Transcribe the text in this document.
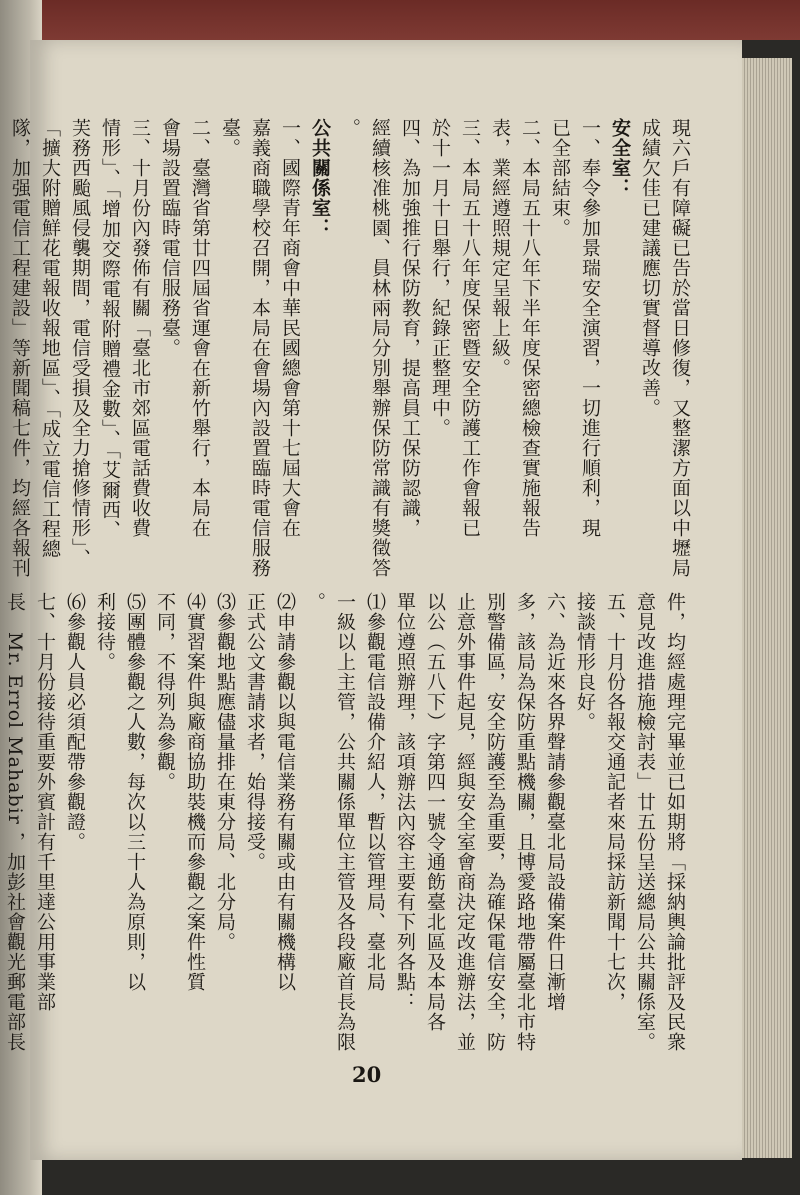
現六戶有障礙已告於當日修復，又整潔方面以中壢局
成績欠佳已建議應切實督導改善。
安全室：
一、奉令參加景瑞安全演習，一切進行順利，現
已全部結束。
二、本局五十八年下半年度保密總檢查實施報告
表，業經遵照規定呈報上級。
三、本局五十八年度保密暨安全防護工作會報已
於十一月十日舉行，紀錄正整理中。
四、為加強推行保防教育，提高員工保防認識，
經續核准桃園、員林兩局分別舉辦保防常識有獎徵答
。
公共關係室：
一、國際青年商會中華民國總會第十七屆大會在
嘉義商職學校召開，本局在會場內設置臨時電信服務
臺。
二、臺灣省第廿四屆省運會在新竹舉行，本局在
會場設置臨時電信服務臺。
三、十月份內發佈有關「臺北市郊區電話費收費
情形」、「增加交際電報附贈禮金數」、「艾爾西、
芙務西颱風侵襲期間，電信受損及全力搶修情形」、
「擴大附贈鮮花電報收報地區」、「成立電信工程總
隊，加强電信工程建設」等新聞稿七件，均經各報刊
件，均經處理完畢並已如期將「採納輿論批評及民衆
意見改進措施檢討表」廿五份呈送總局公共關係室。
五、十月份各報交通記者來局採訪新聞十七次，
接談情形良好。
六、為近來各界聲請參觀臺北局設備案件日漸增
多，該局為保防重點機關，且博愛路地帶屬臺北市特
別警備區，安全防護至為重要，為確保電信安全，防
止意外事件起見，經與安全室會商決定改進辦法，並
以公（五八下）字第四一號令通飭臺北區及本局各
單位遵照辦理，該項辦法內容主要有下列各點：
⑴參觀電信設備介紹人，暫以管理局、臺北局
一級以上主管，公共關係單位主管及各段廠首長為限
。
⑵申請參觀以與電信業務有關或由有關機構以
正式公文書請求者，始得接受。
⑶參觀地點應儘量排在東分局、北分局。
⑷實習案件與廠商協助裝機而參觀之案件性質
不同，不得列為參觀。
⑸團體參觀之人數，每次以三十人為原則，以
利接待。
⑹參觀人員必須配帶參觀證。
七、十月份接待重要外賓計有千里達公用事業部
長　Mr. Errol Mahabir ，加彭社會觀光郵電部長
20
